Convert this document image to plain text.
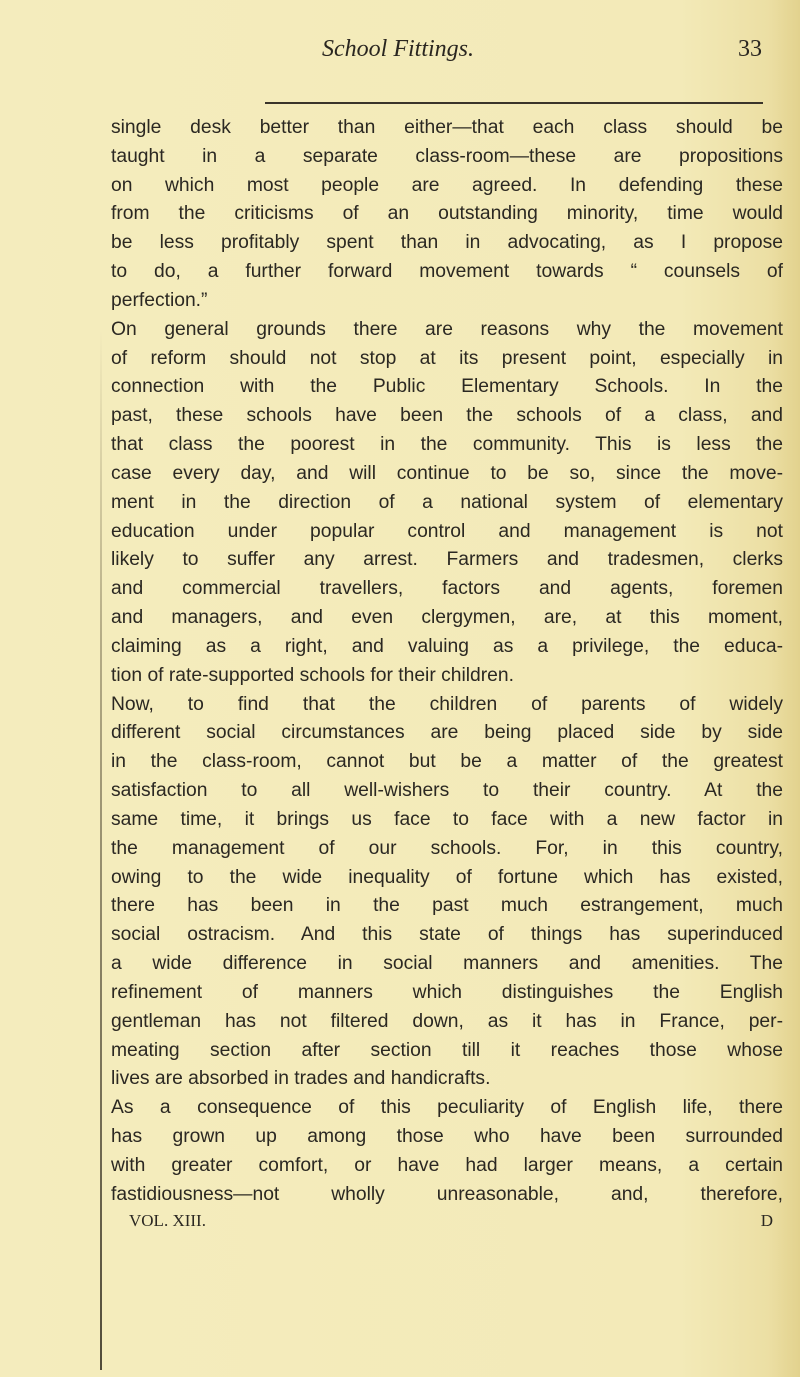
School Fittings.	33
single desk better than either—that each class should be
taught in a separate class-room—these are propositions
on which most people are agreed. In defending these
from the criticisms of an outstanding minority, time would
be less profitably spent than in advocating, as I propose
to do, a further forward movement towards “ counsels of
perfection.”
On general grounds there are reasons why the movement
of reform should not stop at its present point, especially in
connection with the Public Elementary Schools. In the
past, these schools have been the schools of a class, and
that class the poorest in the community. This is less the
case every day, and will continue to be so, since the move-
ment in the direction of a national system of elementary
education under popular control and management is not
likely to suffer any arrest. Farmers and tradesmen, clerks
and commercial travellers, factors and agents, foremen
and managers, and even clergymen, are, at this moment,
claiming as a right, and valuing as a privilege, the educa-
tion of rate-supported schools for their children.
Now, to find that the children of parents of widely
different social circumstances are being placed side by side
in the class-room, cannot but be a matter of the greatest
satisfaction to all well-wishers to their country. At the
same time, it brings us face to face with a new factor in
the management of our schools. For, in this country,
owing to the wide inequality of fortune which has existed,
there has been in the past much estrangement, much
social ostracism. And this state of things has superinduced
a wide difference in social manners and amenities. The
refinement of manners which distinguishes the English
gentleman has not filtered down, as it has in France, per-
meating section after section till it reaches those whose
lives are absorbed in trades and handicrafts.
As a consequence of this peculiarity of English life, there
has grown up among those who have been surrounded
with greater comfort, or have had larger means, a certain
fastidiousness—not wholly unreasonable, and, therefore,
VOL. XIII.	D
